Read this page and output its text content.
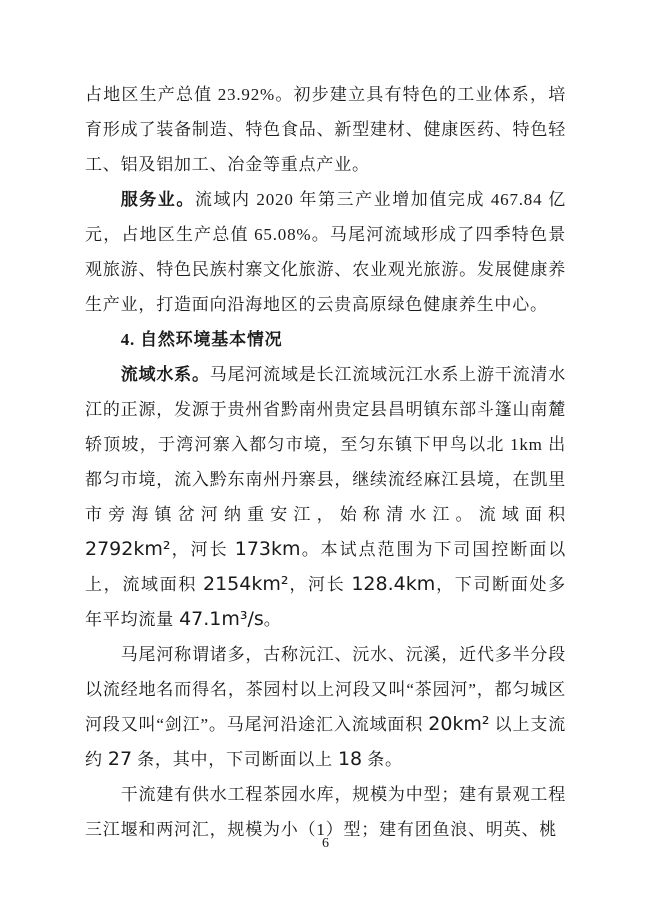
占地区生产总值 23.92%。初步建立具有特色的工业体系，培育形成了装备制造、特色食品、新型建材、健康医药、特色轻工、铝及铝加工、冶金等重点产业。

服务业。流域内 2020 年第三产业增加值完成 467.84 亿元，占地区生产总值 65.08%。马尾河流域形成了四季特色景观旅游、特色民族村寨文化旅游、农业观光旅游。发展健康养生产业，打造面向沿海地区的云贵高原绿色健康养生中心。

4. 自然环境基本情况

流域水系。马尾河流域是长江流域沅江水系上游干流清水江的正源，发源于贵州省黔南州贵定县昌明镇东部斗篷山南麓轿顶坡，于湾河寨入都匀市境，至匀东镇下甲鸟以北 1km 出都匀市境，流入黔东南州丹寨县，继续流经麻江县境，在凯里市旁海镇岔河纳重安江，始称清水江。流域面积 2792km²，河长 173km。本试点范围为下司国控断面以上，流域面积 2154km²，河长 128.4km，下司断面处多年平均流量 47.1m³/s。

马尾河称谓诸多，古称沅江、沅水、沅溪，近代多半分段以流经地名而得名，茶园村以上河段又叫“茶园河”，都匀城区河段又叫“剑江”。马尾河沿途汇入流域面积 20km² 以上支流约 27 条，其中，下司断面以上 18 条。

干流建有供水工程茶园水库，规模为中型；建有景观工程三江堰和两河汇，规模为小（1）型；建有团鱼浪、明英、桃

6
